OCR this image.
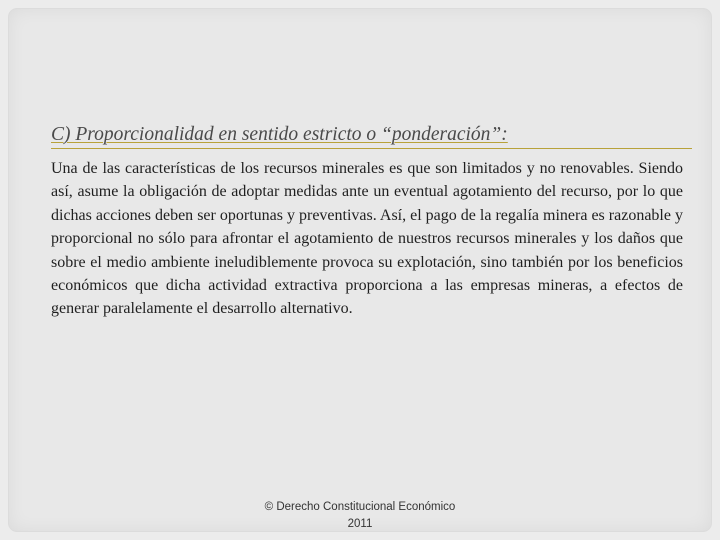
C) Proporcionalidad en sentido estricto o “ponderación”:

Una de las características de los recursos minerales es que son limitados y no renovables. Siendo así, asume la obligación de adoptar medidas ante un eventual agotamiento del recurso, por lo que dichas acciones deben ser oportunas y preventivas. Así, el pago de la regalía minera es razonable y proporcional no sólo para afrontar el agotamiento de nuestros recursos minerales y los daños que sobre el medio ambiente ineludiblemente provoca su explotación, sino también por los beneficios económicos que dicha actividad extractiva proporciona a las empresas mineras, a efectos de generar paralelamente el desarrollo alternativo.

© Derecho Constitucional Económico
2011
